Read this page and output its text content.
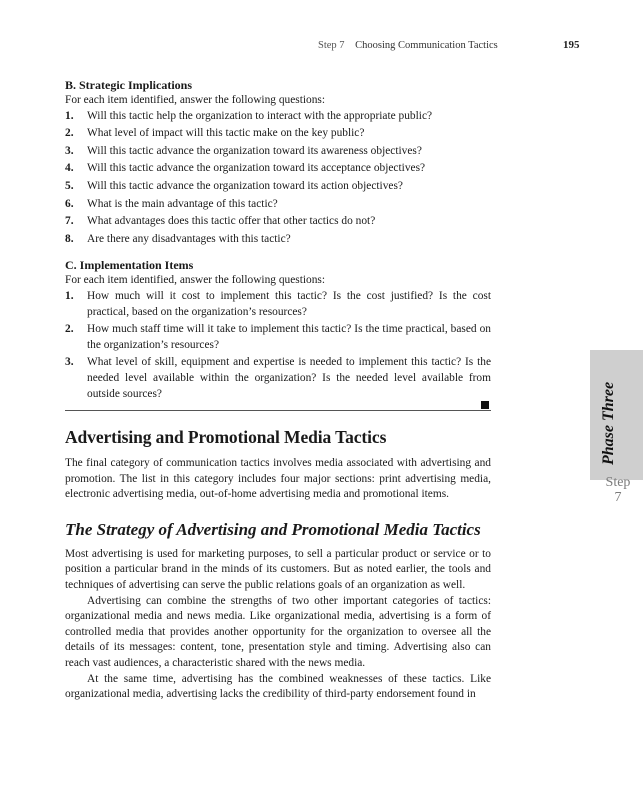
Step 7 Choosing Communication Tactics	195
B. Strategic Implications

For each item identified, answer the following questions:

1. Will this tactic help the organization to interact with the appropriate public?
2. What level of impact will this tactic make on the key public?
3. Will this tactic advance the organization toward its awareness objectives?
4. Will this tactic advance the organization toward its acceptance objectives?
5. Will this tactic advance the organization toward its action objectives?
6. What is the main advantage of this tactic?
7. What advantages does this tactic offer that other tactics do not?
8. Are there any disadvantages with this tactic?
C. Implementation Items

For each item identified, answer the following questions:

1. How much will it cost to implement this tactic? Is the cost justified? Is the cost practical, based on the organization’s resources?
2. How much staff time will it take to implement this tactic? Is the time practical, based on the organization’s resources?
3. What level of skill, equipment and expertise is needed to implement this tactic? Is the needed level available within the organization? Is the needed level available from outside sources?
Advertising and Promotional Media Tactics

The final category of communication tactics involves media associated with advertising and promotion. The list in this category includes four major sections: print advertising media, electronic advertising media, out-of-home advertising media and promotional items.

The Strategy of Advertising and Promotional Media Tactics

Most advertising is used for marketing purposes, to sell a particular product or service or to position a particular brand in the minds of its customers. But as noted earlier, the tools and techniques of advertising can serve the public relations goals of an organization as well.

Advertising can combine the strengths of two other important categories of tactics: organizational media and news media. Like organizational media, advertising is a form of controlled media that provides another opportunity for the organization to oversee all the details of its messages: content, tone, presentation style and timing. Advertising also can reach vast audiences, a characteristic shared with the news media.

At the same time, advertising has the combined weaknesses of these tactics. Like organizational media, advertising lacks the credibility of third-party endorsement found in

Phase Three
Step
7
